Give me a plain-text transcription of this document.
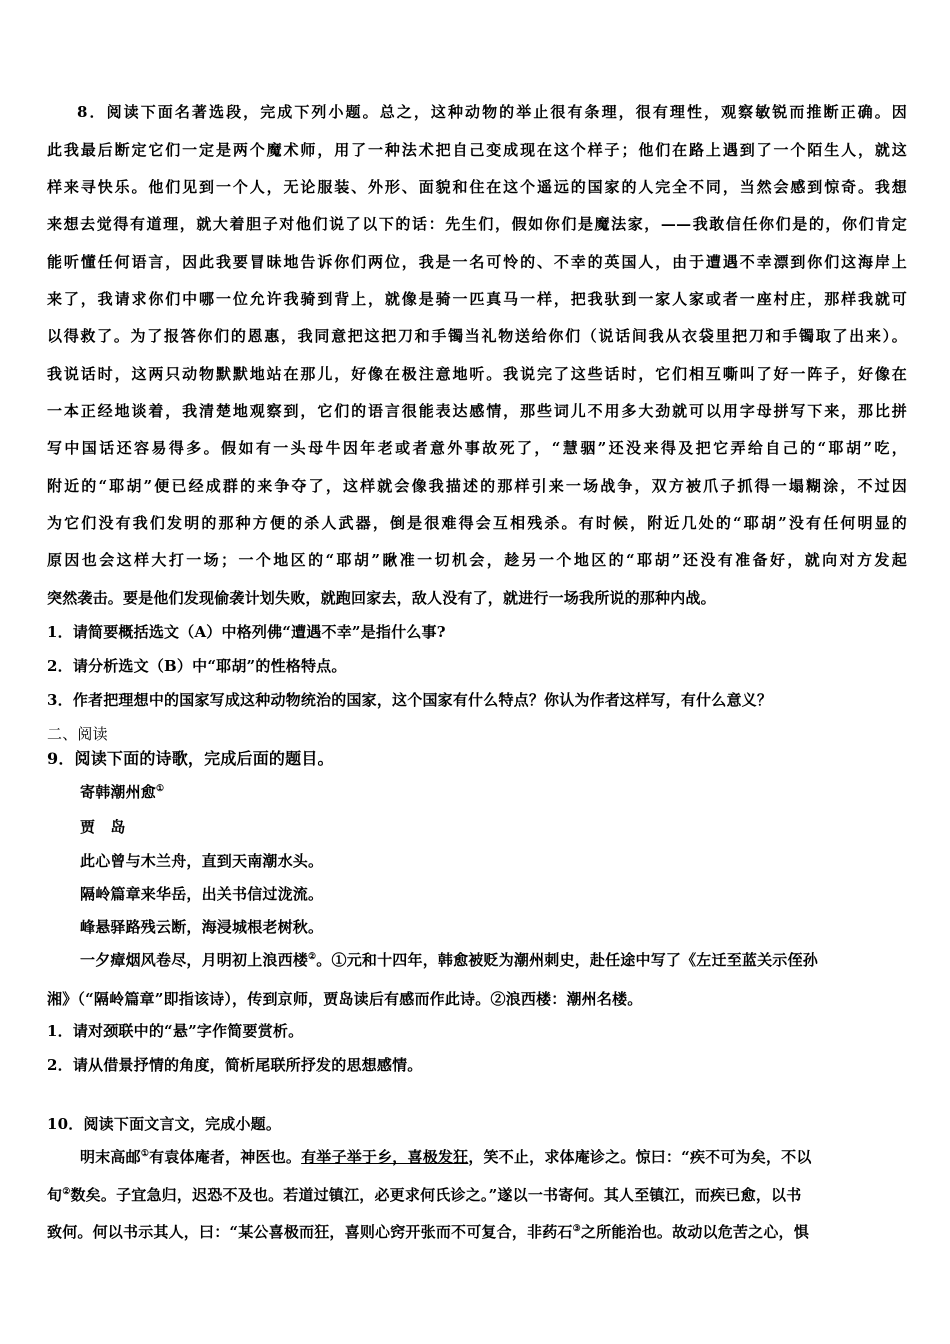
8．阅读下面名著选段，完成下列小题。总之，这种动物的举止很有条理，很有理性，观察敏锐而推断正确。因
此我最后断定它们一定是两个魔术师，用了一种法术把自己变成现在这个样子；他们在路上遇到了一个陌生人，就这
样来寻快乐。他们见到一个人，无论服装、外形、面貌和住在这个遥远的国家的人完全不同，当然会感到惊奇。我想
来想去觉得有道理，就大着胆子对他们说了以下的话：先生们，假如你们是魔法家，——我敢信任你们是的，你们肯定
能听懂任何语言，因此我要冒昧地告诉你们两位，我是一名可怜的、不幸的英国人，由于遭遇不幸漂到你们这海岸上
来了，我请求你们中哪一位允许我骑到背上，就像是骑一匹真马一样，把我驮到一家人家或者一座村庄，那样我就可
以得救了。为了报答你们的恩惠，我同意把这把刀和手镯当礼物送给你们（说话间我从衣袋里把刀和手镯取了出来）。
我说话时，这两只动物默默地站在那儿，好像在极注意地听。我说完了这些话时，它们相互嘶叫了好一阵子，好像在
一本正经地谈着，我清楚地观察到，它们的语言很能表达感情，那些词儿不用多大劲就可以用字母拼写下来，那比拼
写中国话还容易得多。假如有一头母牛因年老或者意外事故死了，“慧骃”还没来得及把它弄给自己的“耶胡”吃，
附近的“耶胡”便已经成群的来争夺了，这样就会像我描述的那样引来一场战争，双方被爪子抓得一塌糊涂，不过因
为它们没有我们发明的那种方便的杀人武器，倒是很难得会互相残杀。有时候，附近几处的“耶胡”没有任何明显的
原因也会这样大打一场；一个地区的“耶胡”瞅准一切机会，趁另一个地区的“耶胡”还没有准备好，就向对方发起
突然袭击。要是他们发现偷袭计划失败，就跑回家去，敌人没有了，就进行一场我所说的那种内战。
1．请简要概括选文（A）中格列佛“遭遇不幸”是指什么事?
2．请分析选文（B）中“耶胡”的性格特点。
3．作者把理想中的国家写成这种动物统治的国家，这个国家有什么特点？你认为作者这样写，有什么意义？
二、阅读
9．阅读下面的诗歌，完成后面的题目。
寄韩潮州愈①
贾　岛
此心曾与木兰舟，直到天南潮水头。
隔岭篇章来华岳，出关书信过泷流。
峰悬驿路残云断，海浸城根老树秋。
一夕瘴烟风卷尽，月明初上浪西楼②。①元和十四年，韩愈被贬为潮州刺史，赴任途中写了《左迁至蓝关示侄孙
湘》（“隔岭篇章”即指该诗），传到京师，贾岛读后有感而作此诗。②浪西楼：潮州名楼。
1．请对颈联中的“悬”字作简要赏析。
2．请从借景抒情的角度，简析尾联所抒发的思想感情。
10．阅读下面文言文，完成小题。
明末高邮①有袁体庵者，神医也。有举子举于乡，喜极发狂，笑不止，求体庵诊之。惊曰：“疾不可为矣，不以
旬②数矣。子宜急归，迟恐不及也。若道过镇江，必更求何氏诊之。”遂以一书寄何。其人至镇江，而疾已愈，以书
致何。何以书示其人，曰：“某公喜极而狂，喜则心窍开张而不可复合，非药石③之所能治也。故动以危苦之心，惧
